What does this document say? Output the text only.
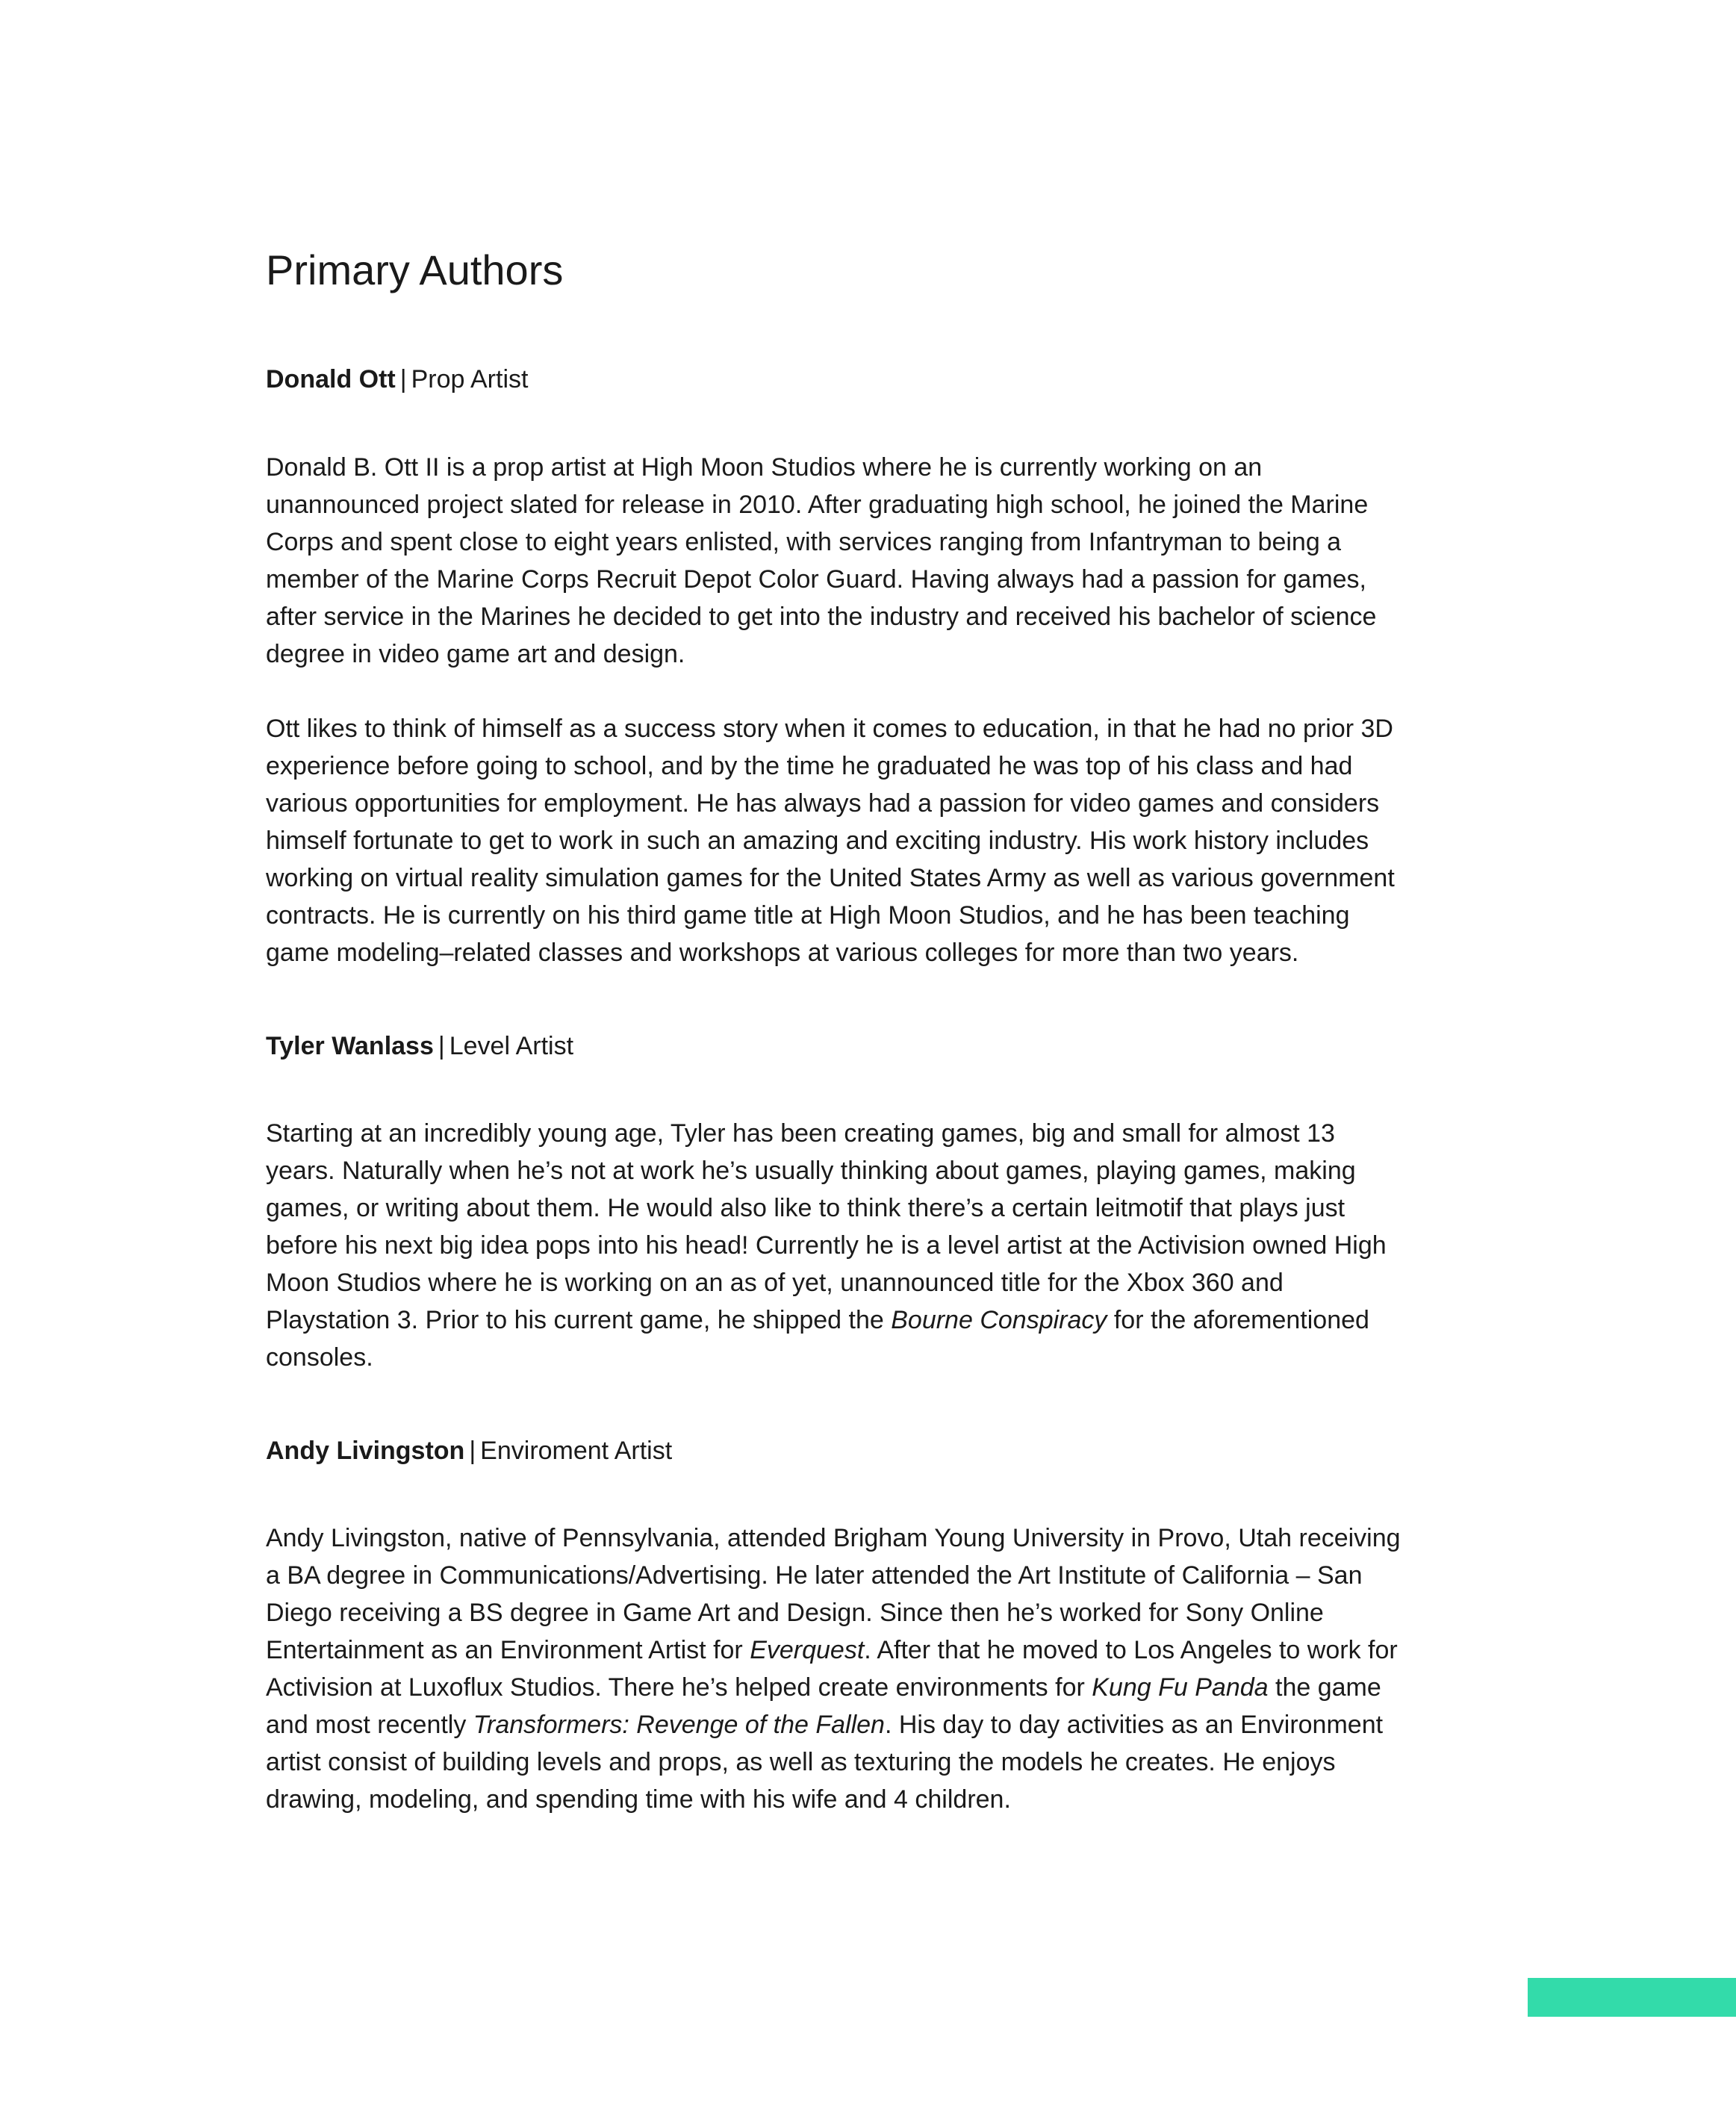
Primary Authors
Donald Ott | Prop Artist

Donald B. Ott II is a prop artist at High Moon Studios where he is currently working on an unannounced project slated for release in 2010. After graduating high school, he joined the Marine Corps and spent close to eight years enlisted, with services ranging from Infantryman to being a member of the Marine Corps Recruit Depot Color Guard. Having always had a passion for games, after service in the Marines he decided to get into the industry and received his bachelor of science degree in video game art and design.

Ott likes to think of himself as a success story when it comes to education, in that he had no prior 3D experience before going to school, and by the time he graduated he was top of his class and had various opportunities for employment. He has always had a passion for video games and considers himself fortunate to get to work in such an amazing and exciting industry. His work history includes working on virtual reality simulation games for the United States Army as well as various government contracts. He is currently on his third game title at High Moon Studios, and he has been teaching game modeling–related classes and workshops at various colleges for more than two years.

Tyler Wanlass | Level Artist

Starting at an incredibly young age, Tyler has been creating games, big and small for almost 13 years. Naturally when he’s not at work he’s usually thinking about games, playing games, making games, or writing about them. He would also like to think there’s a certain leitmotif that plays just before his next big idea pops into his head! Currently he is a level artist at the Activision owned High Moon Studios where he is working on an as of yet, unannounced title for the Xbox 360 and Playstation 3. Prior to his current game, he shipped the Bourne Conspiracy for the aforementioned consoles.

Andy Livingston | Enviroment Artist

Andy Livingston, native of Pennsylvania, attended Brigham Young University in Provo, Utah receiving a BA degree in Communications/Advertising. He later attended the Art Institute of California – San Diego receiving a BS degree in Game Art and Design. Since then he’s worked for Sony Online Entertainment as an Environment Artist for Everquest. After that he moved to Los Angeles to work for Activision at Luxoflux Studios. There he’s helped create environments for Kung Fu Panda the game and most recently Transformers: Revenge of the Fallen. His day to day activities as an Environment artist consist of building levels and props, as well as texturing the models he creates. He enjoys drawing, modeling, and spending time with his wife and 4 children.
